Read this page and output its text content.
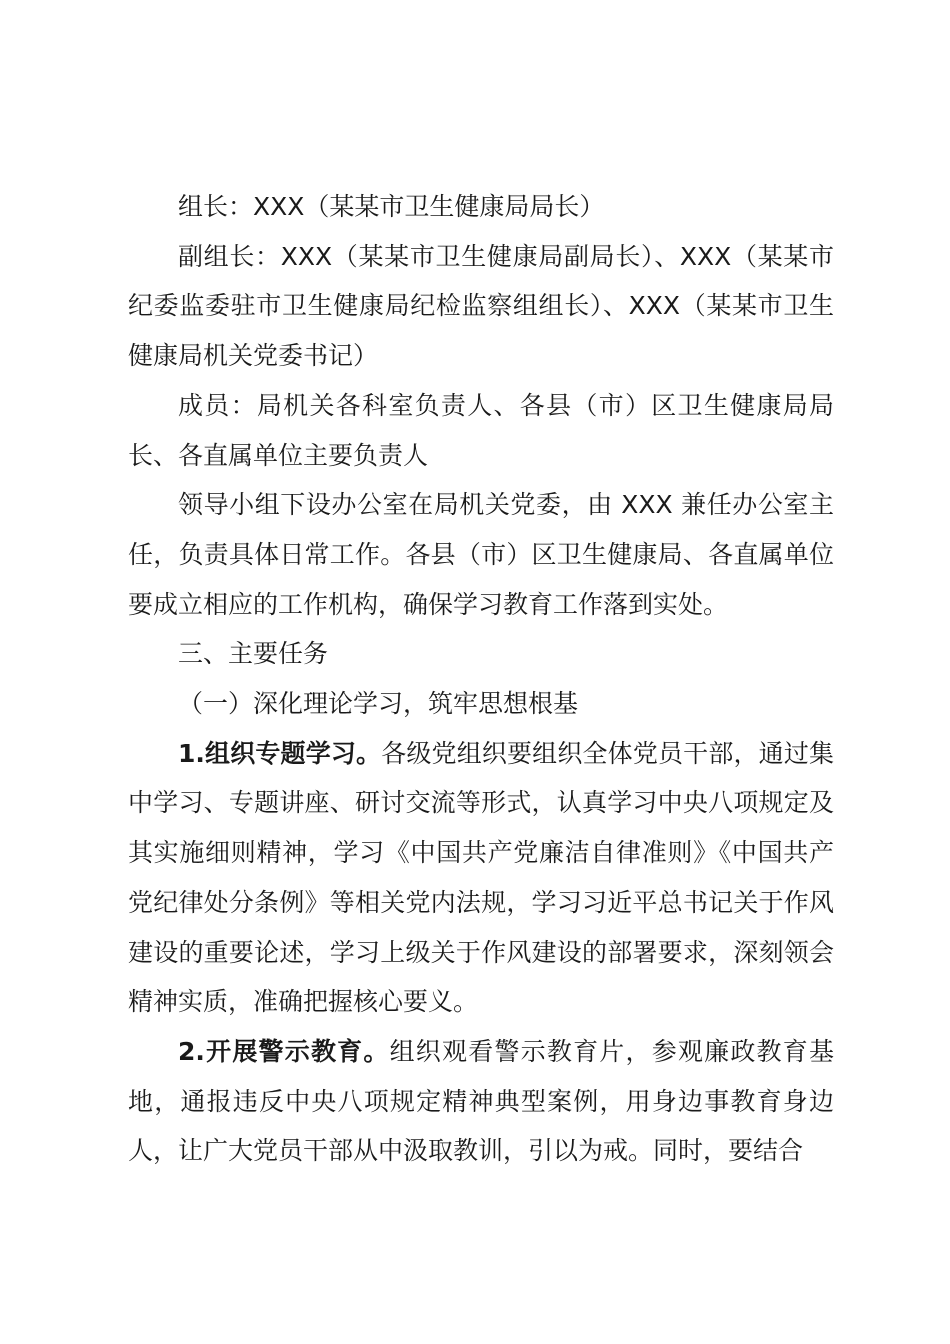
组长：XXX（某某市卫生健康局局长）

副组长：XXX（某某市卫生健康局副局长）、XXX（某某市纪委监委驻市卫生健康局纪检监察组组长）、XXX（某某市卫生健康局机关党委书记）

成员：局机关各科室负责人、各县（市）区卫生健康局局长、各直属单位主要负责人

领导小组下设办公室在局机关党委，由 XXX 兼任办公室主任，负责具体日常工作。各县（市）区卫生健康局、各直属单位要成立相应的工作机构，确保学习教育工作落到实处。

三、主要任务

（一）深化理论学习，筑牢思想根基

1.组织专题学习。各级党组织要组织全体党员干部，通过集中学习、专题讲座、研讨交流等形式，认真学习中央八项规定及其实施细则精神，学习《中国共产党廉洁自律准则》《中国共产党纪律处分条例》等相关党内法规，学习习近平总书记关于作风建设的重要论述，学习上级关于作风建设的部署要求，深刻领会精神实质，准确把握核心要义。

2.开展警示教育。组织观看警示教育片，参观廉政教育基地，通报违反中央八项规定精神典型案例，用身边事教育身边人，让广大党员干部从中汲取教训，引以为戒。同时，要结合
